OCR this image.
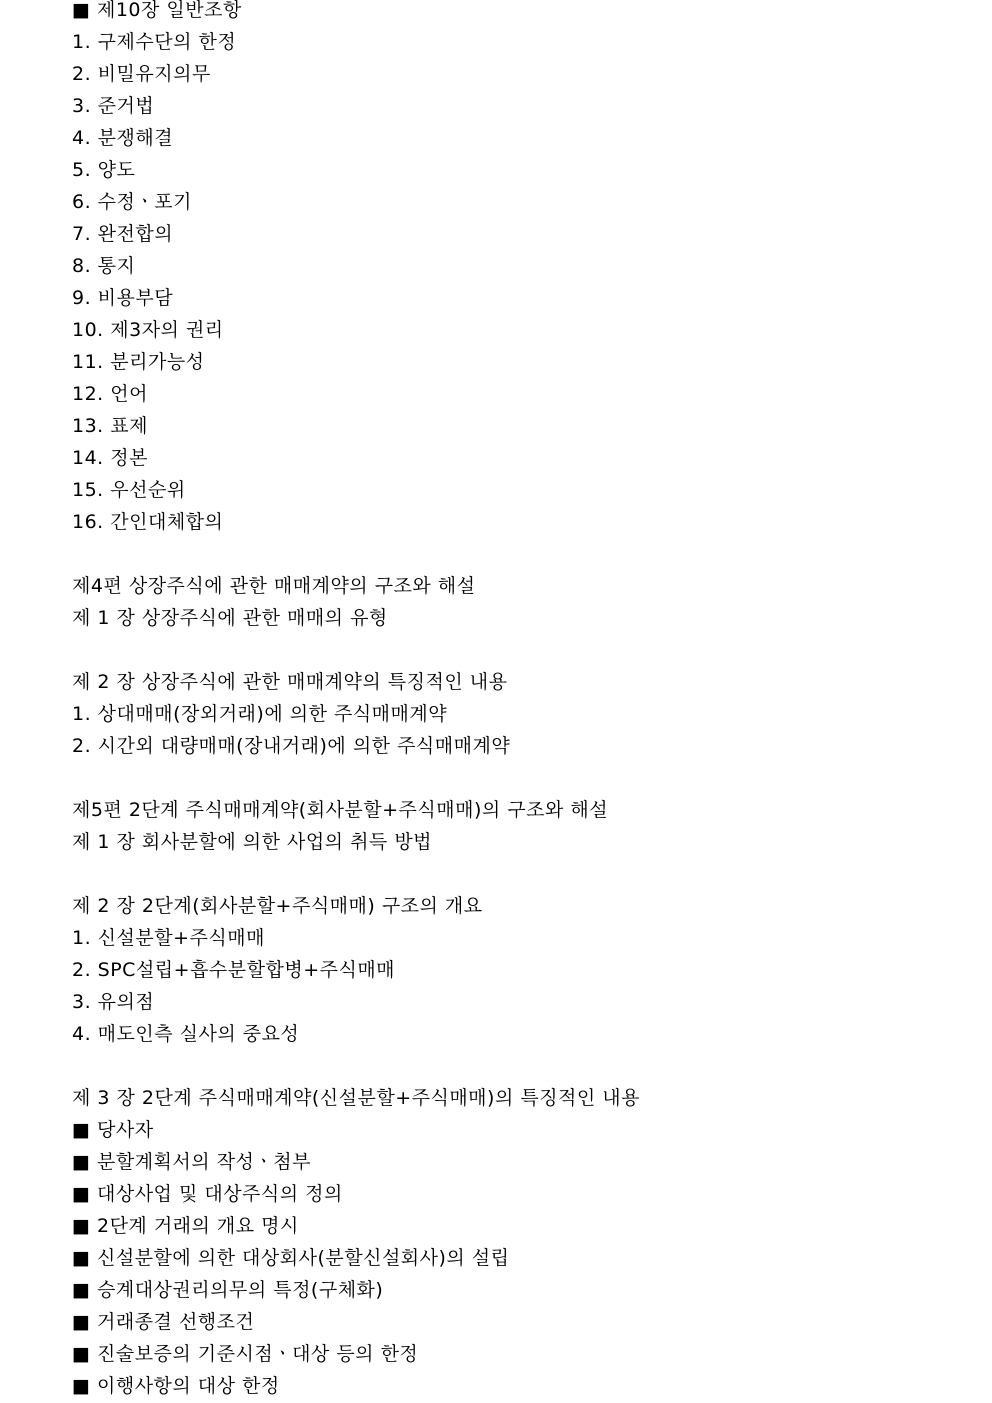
■ 제10장 일반조항
1. 구제수단의 한정
2. 비밀유지의무
3. 준거법
4. 분쟁해결
5. 양도
6. 수정ㆍ포기
7. 완전합의
8. 통지
9. 비용부담
10. 제3자의 권리
11. 분리가능성
12. 언어
13. 표제
14. 정본
15. 우선순위
16. 간인대체합의
제4편 상장주식에 관한 매매계약의 구조와 해설
제 1 장 상장주식에 관한 매매의 유형
제 2 장 상장주식에 관한 매매계약의 특징적인 내용
1. 상대매매(장외거래)에 의한 주식매매계약
2. 시간외 대량매매(장내거래)에 의한 주식매매계약
제5편 2단계 주식매매계약(회사분할+주식매매)의 구조와 해설
제 1 장 회사분할에 의한 사업의 취득 방법
제 2 장 2단계(회사분할+주식매매) 구조의 개요
1. 신설분할+주식매매
2. SPC설립+흡수분할합병+주식매매
3. 유의점
4. 매도인측 실사의 중요성
제 3 장 2단계 주식매매계약(신설분할+주식매매)의 특징적인 내용
■ 당사자
■ 분할계획서의 작성ㆍ첨부
■ 대상사업 및 대상주식의 정의
■ 2단계 거래의 개요 명시
■ 신설분할에 의한 대상회사(분할신설회사)의 설립
■ 승계대상권리의무의 특정(구체화)
■ 거래종결 선행조건
■ 진술보증의 기준시점ㆍ대상 등의 한정
■ 이행사항의 대상 한정
